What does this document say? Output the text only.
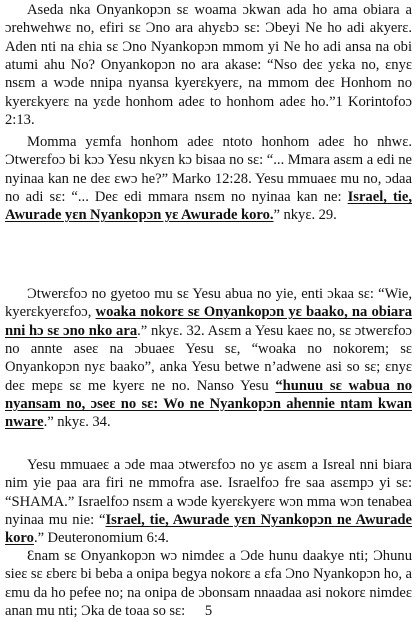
Aseda nka Onyankopɔn sɛ woama ɔkwan ada ho ama obiara a ɔrehwehwɛ no, efiri sɛ Ɔno ara ahyɛbɔ sɛ: Ɔbeyi Ne ho adi akyerɛ. Aden nti na ɛhia sɛ Ɔno Nyankopɔn mmom yi Ne ho adi ansa na obi atumi ahu No? Onyankopɔn no ara akase: “Nso deɛ yɛka no, ɛnyɛ nsɛm a wɔde nnipa nyansa kyerɛkyerɛ, na mmom deɛ Honhom no kyerɛkyerɛ na yɛde honhom adeɛ to honhom adeɛ ho.”1 Korintofoɔ 2:13.

Momma yɛmfa honhom adeɛ ntoto honhom adeɛ ho nhwɛ. Ɔtwerɛfoɔ bi kɔɔ Yesu nkyɛn kɔ bisaa no sɛ: “... Mmara asɛm a edi ne nyinaa kan ne deɛ ɛwɔ he?” Marko 12:28. Yesu mmuaeɛ mu no, ɔdaa no adi sɛ: “... Deɛ edi mmara nsɛm no nyinaa kan ne: Israel, tie, Awurade yɛn Nyankopɔn yɛ Awurade koro.” nkyɛ. 29.

Ɔtwerɛfoɔ no gyetoo mu sɛ Yesu abua no yie, enti ɔkaa sɛ: “Wie, kyerɛkyerɛfoɔ, woaka nokorɛ sɛ Onyankopɔn yɛ baako, na obiara nni hɔ sɛ ɔno nko ara.” nkyɛ. 32. Asɛm a Yesu kaeɛ no, sɛ ɔtwerɛfoɔ no annte aseɛ na ɔbuaeɛ Yesu sɛ, “woaka no nokorem; sɛ Onyankopɔn nyɛ baako”, anka Yesu betwe n’adwene asi so sɛ; ɛnyɛ deɛ mepɛ sɛ me kyerɛ ne no. Nanso Yesu “hunuu sɛ wabua no nyansam no, ɔseɛ no sɛ: Wo ne Nyankopɔn ahennie ntam kwan nware.” nkyɛ. 34.

Yesu mmuaeɛ a ɔde maa ɔtwerɛfoɔ no yɛ asɛm a Isreal nni biara nim yie paa ara firi ne mmofra ase. Israelfoɔ fre saa asɛmpɔ yi sɛ: “SHAMA.” Israelfoɔ nsɛm a wɔde kyerɛkyerɛ wɔn mma wɔn tenabea nyinaa mu nie: “Israel, tie, Awurade yɛn Nyankopɔn ne Awurade koro.” Deuteronomium 6:4.

Ɛnam sɛ Onyankopɔn wɔ nimdeɛ a Ɔde hunu daakye nti; Ɔhunu sieɛ sɛ ɛberɛ bi beba a onipa begya nokorɛ a ɛfa Ɔno Nyankopɔn ho, a ɛmu da ho pefee no; na onipa de ɔbonsam nnaadaa asi nokorɛ nimdeɛ anan mu nti; Ɔka de toaa so sɛ:	5
